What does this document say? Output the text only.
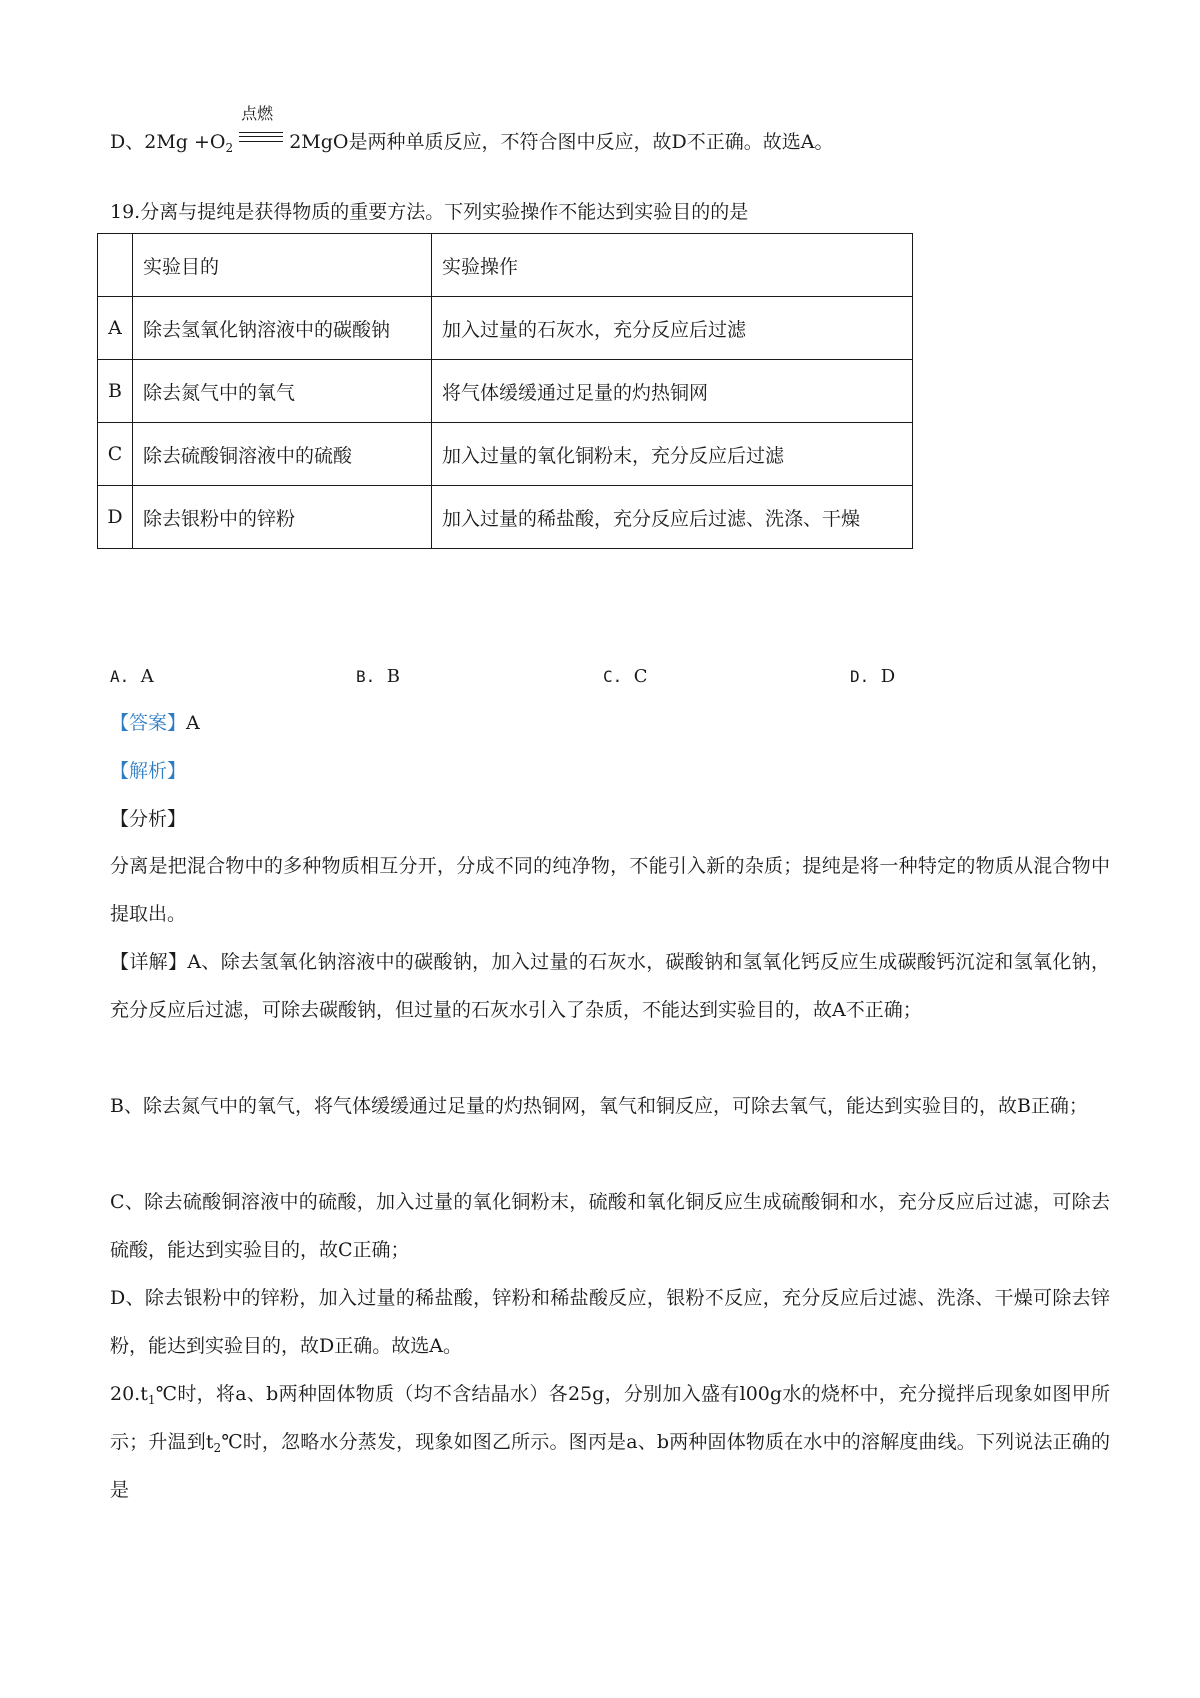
D、$2Mg +O_2$
点燃
2MgO是两种单质反应，不符合图中反应，故D不正确。故选A。
19.分离与提纯是获得物质的重要方法。下列实验操作不能达到实验目的的是
	实验目的	实验操作
A	除去氢氧化钠溶液中的碳酸钠	加入过量的石灰水，充分反应后过滤
B	除去氮气中的氧气	将气体缓缓通过足量的灼热铜网
C	除去硫酸铜溶液中的硫酸	加入过量的氧化铜粉末，充分反应后过滤
D	除去银粉中的锌粉	加入过量的稀盐酸，充分反应后过滤、洗涤、干燥
A. A	B. B	C. C	D. D
【答案】A
【解析】
【分析】
分离是把混合物中的多种物质相互分开，分成不同的纯净物，不能引入新的杂质；提纯是将一种特定的物质从混合物中提取出。
【详解】A、除去氢氧化钠溶液中的碳酸钠，加入过量的石灰水，碳酸钠和氢氧化钙反应生成碳酸钙沉淀和氢氧化钠，充分反应后过滤，可除去碳酸钠，但过量的石灰水引入了杂质，不能达到实验目的，故A不正确；
B、除去氮气中的氧气，将气体缓缓通过足量的灼热铜网，氧气和铜反应，可除去氧气，能达到实验目的，故B正确；
C、除去硫酸铜溶液中的硫酸，加入过量的氧化铜粉末，硫酸和氧化铜反应生成硫酸铜和水，充分反应后过滤，可除去硫酸，能达到实验目的，故C正确；
D、除去银粉中的锌粉，加入过量的稀盐酸，锌粉和稀盐酸反应，银粉不反应，充分反应后过滤、洗涤、干燥可除去锌粉，能达到实验目的，故D正确。故选A。
$20.t_1℃$时，将a、b两种固体物质（均不含结晶水）各25g，分别加入盛有l00g水的烧杯中，充分搅拌后现象如图甲所示；升温到$t_2℃$时，忽略水分蒸发，现象如图乙所示。图丙是a、b两种固体物质在水中的溶解度曲线。下列说法正确的是
